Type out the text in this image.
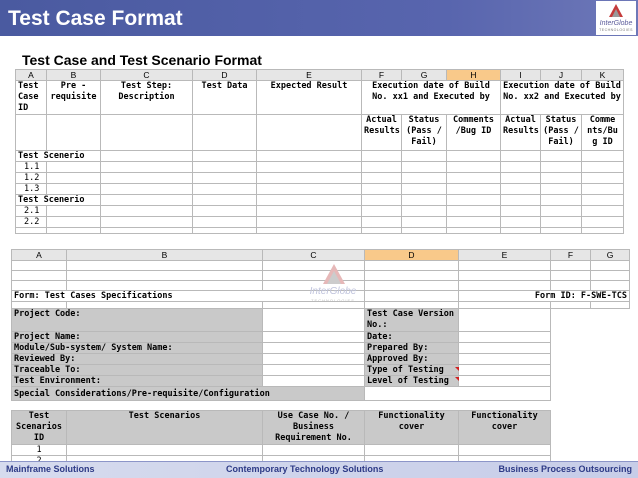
Test Case Format	InterGlobe
TECHNOLOGIES
Test Case and Test Scenario Format
A	B	C	D	E	F	G	H	I	J	K
Test Case ID	Pre - requisite	Test Step: Description	Test Data	Expected Result	Execution date of Build No. xx1 and Executed by			Execution date of Build No. xx2 and Executed by		
					Actual Results	Status (Pass / Fail)	Comments /Bug ID	Actual Results	Status (Pass / Fail)	Comme nts/Bu g ID
Test Scenerio										
1.1										
1.2										
1.3										
Test Scenerio										
2.1										
2.2										

A	B	C	D	E	F	G

Form: Test Cases Specifications				Form ID: F-SWE-TCS		

Project Code:			Test Case Version No.:			
Project Name:			Date:			
Module/Sub-system/ System Name:			Prepared By:			
Reviewed By:			Approved By:			
Traceable To:			Type of Testing			
Test Environment:			Level of Testing			
Special Considerations/Pre-requisite/Configuration						

Test Scenarios ID	Test Scenarios	Use Case No. / Business Requirement No.	Functionality cover	Functionality cover		
1						

InterGlobe
TECHNOLOGIES
Mainframe Solutions	Contemporary Technology Solutions	Business Process Outsourcing
